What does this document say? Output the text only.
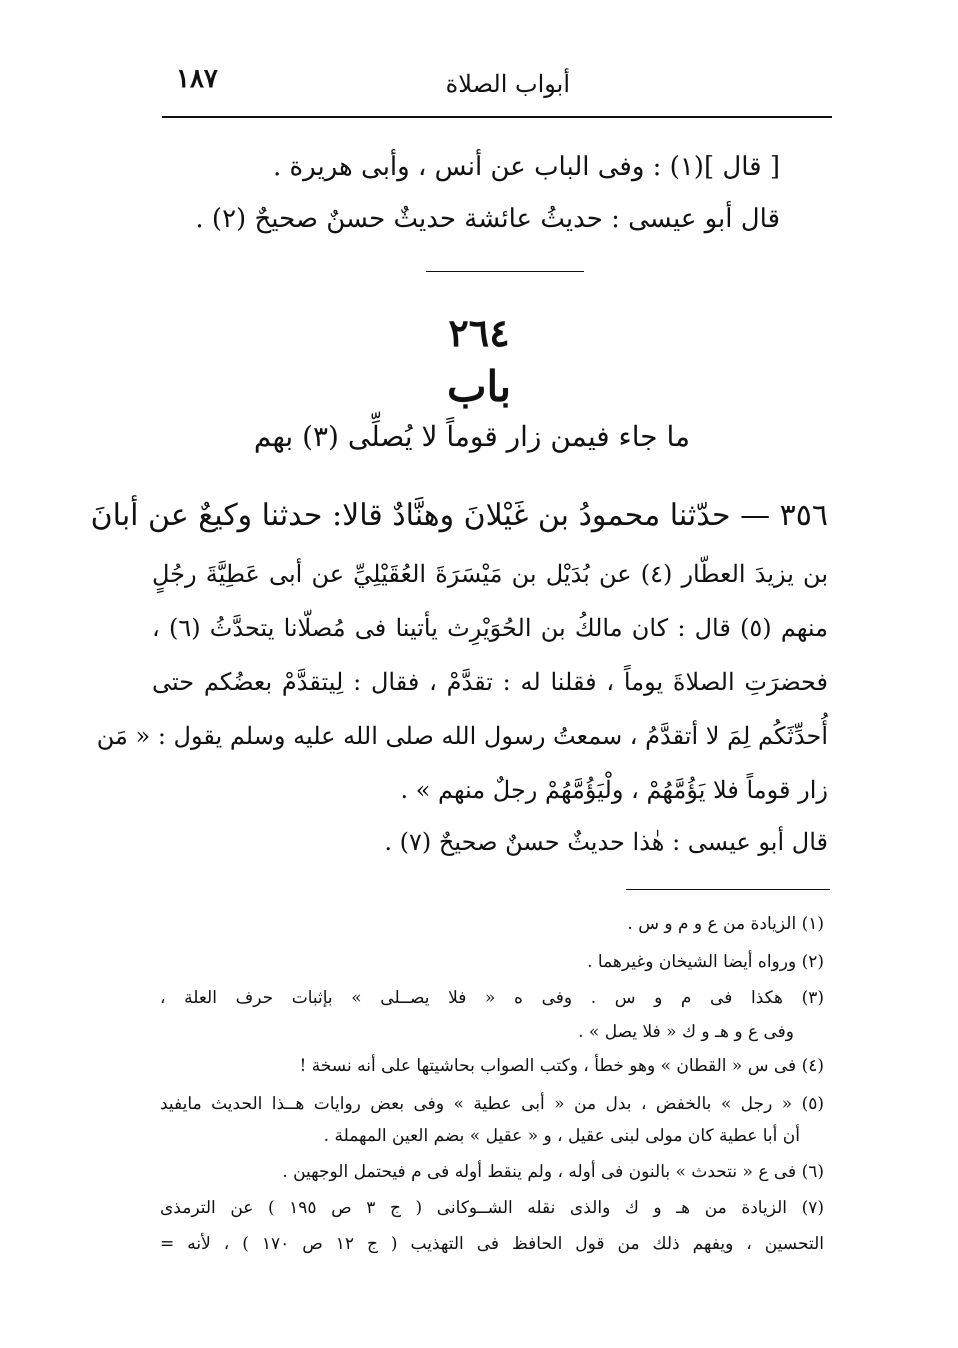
١٨٧	أبواب الصلاة
[ قال ](١) : وفى الباب عن أنس ، وأبى هريرة .
قال أبو عيسى : حديثُ عائشة حديثٌ حسنٌ صحيحٌ (٢) .
٢٦٤
باب
ما جاء فيمن زار قوماً لا يُصلِّى (٣) بهم
٣٥٦ — حدّثنا محمودُ بن غَيْلانَ وهنَّادٌ قالا: حدثنا وكيعٌ عن أبانَ
بن يزيدَ العطّار (٤) عن بُدَيْل بن مَيْسَرَةَ العُقَيْلِيِّ عن أبى عَطِيَّةَ رجُلٍ
منهم (٥) قال : كان مالكُ بن الحُوَيْرِث يأتينا فى مُصلّانا يتحدَّثُ (٦) ،
فحضرَتِ الصلاةَ يوماً ، فقلنا له : تقدَّمْ ، فقال : لِيتقدَّمْ بعضُكم حتى
أُحدِّثَكُم لِمَ لا أتقدَّمُ ، سمعتُ رسول الله صلى الله عليه وسلم يقول : « مَن
زار قوماً فلا يَؤُمَّهُمْ ، ولْيَؤُمَّهُمْ رجلٌ منهم » .
قال أبو عيسى : هٰذا حديثٌ حسنٌ صحيحٌ (٧) .
(١) الزيادة من ع و م و س .
(٢) ورواه أيضا الشيخان وغيرهما .
(٣) هكذا فى م و س . وفى ه « فلا يصــلى » بإثبات حرف العلة ،
وفى ع و هـ و ك « فلا يصل » .
(٤) فى س « القطان » وهو خطأ ، وكتب الصواب بحاشيتها على أنه نسخة !
(٥) « رجل » بالخفض ، بدل من « أبى عطية » وفى بعض روايات هــذا الحديث مايفيد
أن أبا عطية كان مولى لبنى عقيل ، و « عقيل » بضم العين المهملة .
(٦) فى ع « نتحدث » بالنون فى أوله ، ولم ينقط أوله فى م فيحتمل الوجهين .
(٧) الزيادة من هـ و ك والذى نقله الشــوكانى ( ج ٣ ص ١٩٥ ) عن الترمذى
التحسين ، ويفهم ذلك من قول الحافظ فى التهذيب ( ج ١٢ ص ١٧٠ ) ، لأنه =
